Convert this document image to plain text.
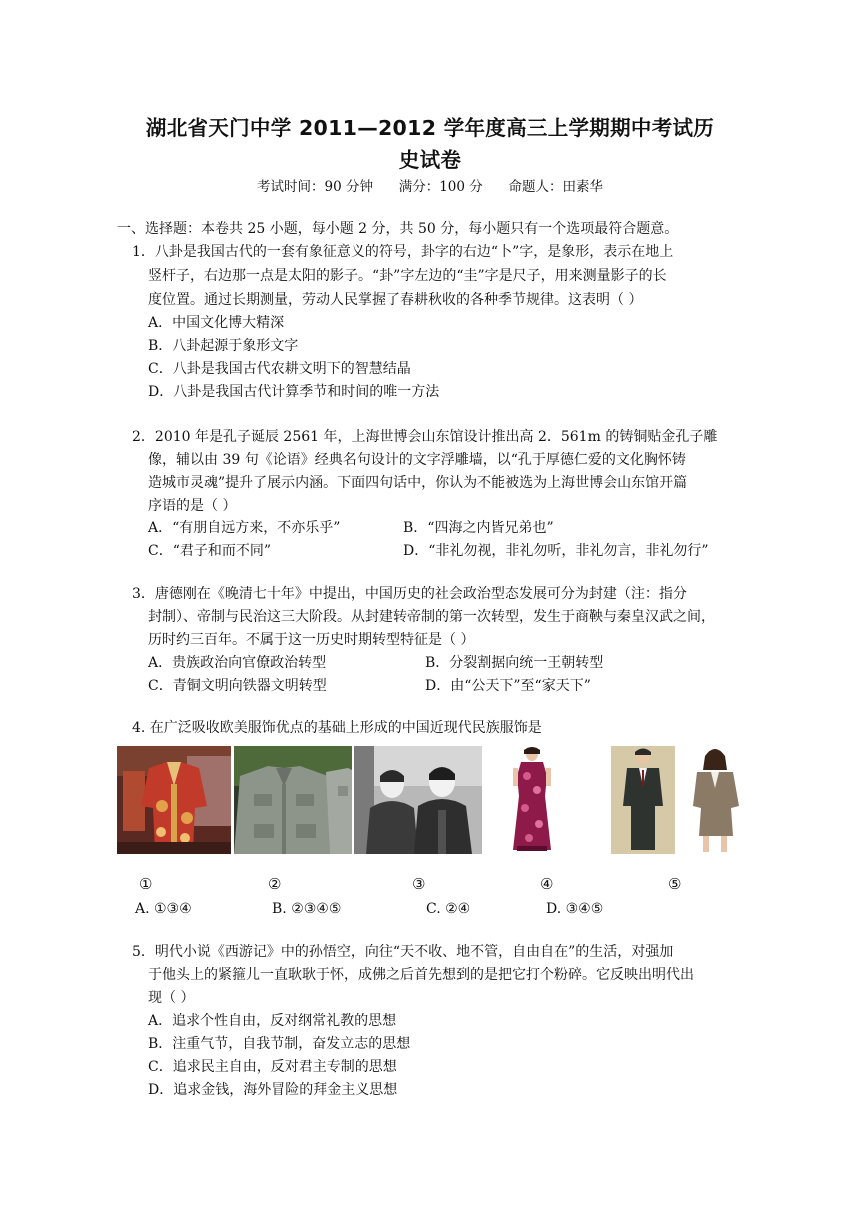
湖北省天门中学 2011—2012 学年度高三上学期期中考试历
史试卷
考试时间：90 分钟      满分：100 分      命题人：田素华
一、选择题：本卷共 25 小题，每小题 2 分，共 50 分，每小题只有一个选项最符合题意。
1．八卦是我国古代的一套有象征意义的符号，卦字的右边“卜”字，是象形，表示在地上
竖杆子，右边那一点是太阳的影子。“卦”字左边的“圭”字是尺子，用来测量影子的长
度位置。通过长期测量，劳动人民掌握了春耕秋收的各种季节规律。这表明（ ）
A．中国文化博大精深
B．八卦起源于象形文字
C．八卦是我国古代农耕文明下的智慧结晶
D．八卦是我国古代计算季节和时间的唯一方法
2．2010 年是孔子诞辰 2561 年，上海世博会山东馆设计推出高 2．561m 的铸铜贴金孔子雕
像，辅以由 39 句《论语》经典名句设计的文字浮雕墙，以“孔于厚德仁爱的文化胸怀铸
造城市灵魂”提升了展示内涵。下面四句话中，你认为不能被选为上海世博会山东馆开篇
序语的是（ ）
A．“有朋自远方来，不亦乐乎”	B．“四海之内皆兄弟也”
C．“君子和而不同”	D．“非礼勿视，非礼勿听，非礼勿言，非礼勿行”
3．唐德刚在《晚清七十年》中提出，中国历史的社会政治型态发展可分为封建（注：指分
封制）、帝制与民治这三大阶段。从封建转帝制的第一次转型，发生于商鞅与秦皇汉武之间，
历时约三百年。不属于这一历史时期转型特征是（ ）
A．贵族政治向官僚政治转型	B．分裂割据向统一王朝转型
C．青铜文明向铁器文明转型	D．由“公天下”至“家天下”
4. 在广泛吸收欧美服饰优点的基础上形成的中国近现代民族服饰是
①	②	③	④	⑤
A. ①③④	B. ②③④⑤	C. ②④	D. ③④⑤
5．明代小说《西游记》中的孙悟空，向往“天不收、地不管，自由自在”的生活，对强加
于他头上的紧箍儿一直耿耿于怀，成佛之后首先想到的是把它打个粉碎。它反映出明代出
现（ ）
A．追求个性自由，反对纲常礼教的思想
B．注重气节，自我节制，奋发立志的思想
C．追求民主自由，反对君主专制的思想
D．追求金钱，海外冒险的拜金主义思想
